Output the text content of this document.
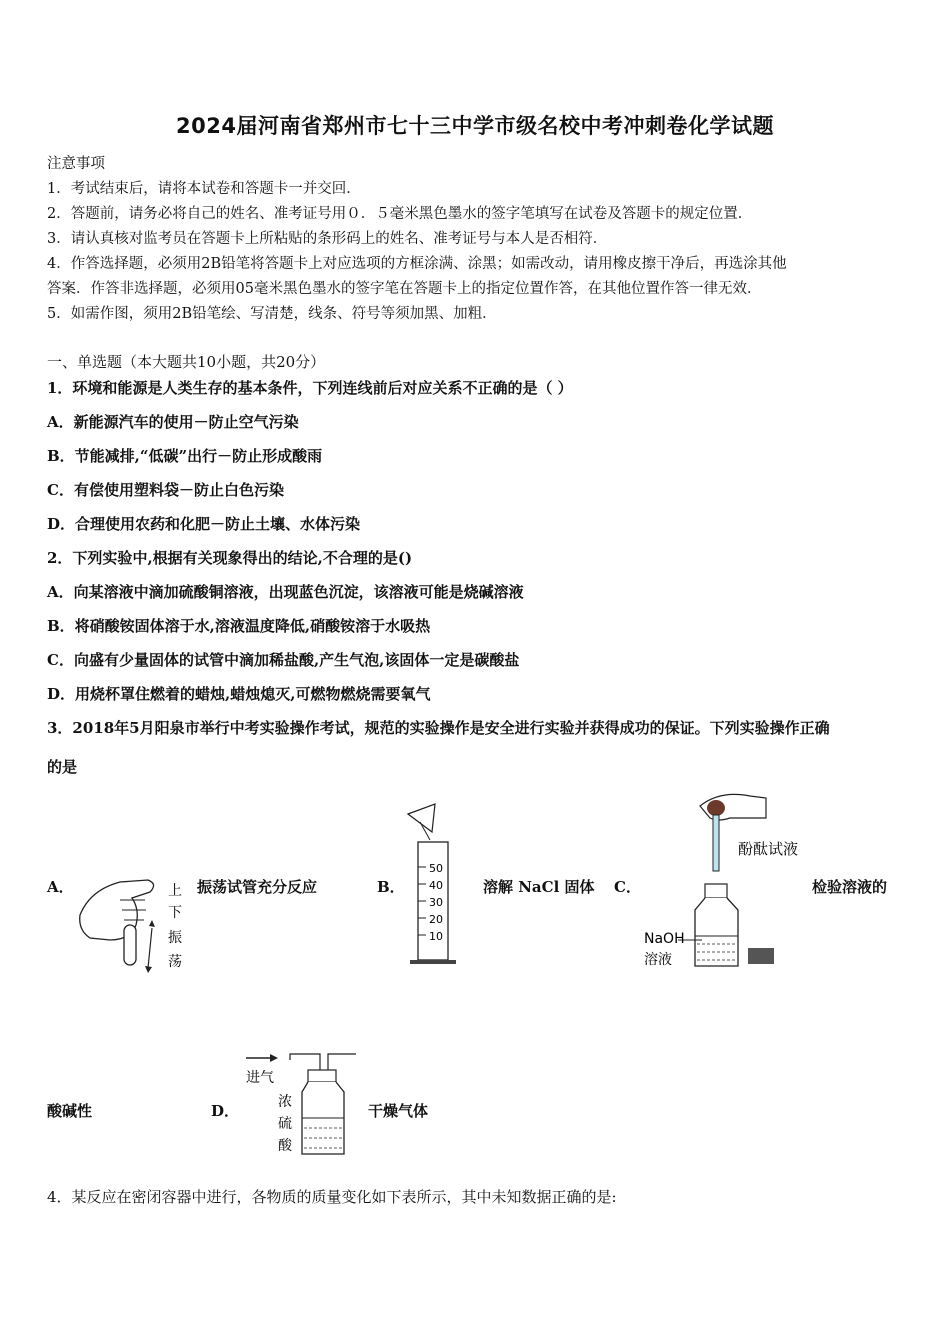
2024届河南省郑州市七十三中学市级名校中考冲刺卷化学试题
注意事项
1．考试结束后，请将本试卷和答题卡一并交回．
2．答题前，请务必将自己的姓名、准考证号用０．５毫米黑色墨水的签字笔填写在试卷及答题卡的规定位置．
3．请认真核对监考员在答题卡上所粘贴的条形码上的姓名、准考证号与本人是否相符．
4．作答选择题，必须用2B铅笔将答题卡上对应选项的方框涂满、涂黑；如需改动，请用橡皮擦干净后，再选涂其他
答案．作答非选择题，必须用05毫米黑色墨水的签字笔在答题卡上的指定位置作答，在其他位置作答一律无效．
5．如需作图，须用2B铅笔绘、写清楚，线条、符号等须加黑、加粗．
一、单选题（本大题共10小题，共20分）
1．环境和能源是人类生存的基本条件，下列连线前后对应关系不正确的是（ ）
A．新能源汽车的使用－防止空气污染
B．节能减排,“低碳”出行－防止形成酸雨
C．有偿使用塑料袋－防止白色污染
D．合理使用农药和化肥－防止土壤、水体污染
2．下列实验中,根据有关现象得出的结论,不合理的是()
A．向某溶液中滴加硫酸铜溶液，出现蓝色沉淀，该溶液可能是烧碱溶液
B．将硝酸铵固体溶于水,溶液温度降低,硝酸铵溶于水吸热
C．向盛有少量固体的试管中滴加稀盐酸,产生气泡,该固体一定是碳酸盐
D．用烧杯罩住燃着的蜡烛,蜡烛熄灭,可燃物燃烧需要氧气
3．2018年5月阳泉市举行中考实验操作考试，规范的实验操作是安全进行实验并获得成功的保证。下列实验操作正确
的是
A．	上
下
振
荡
振荡试管充分反应	B．
50
40
30
20
10
溶解 NaCl 固体 C．
酚酞试液
NaOH
溶液
检验溶液的
酸碱性	D．
进气
浓
硫
酸
干燥气体
4．某反应在密闭容器中进行，各物质的质量变化如下表所示，其中未知数据正确的是:
